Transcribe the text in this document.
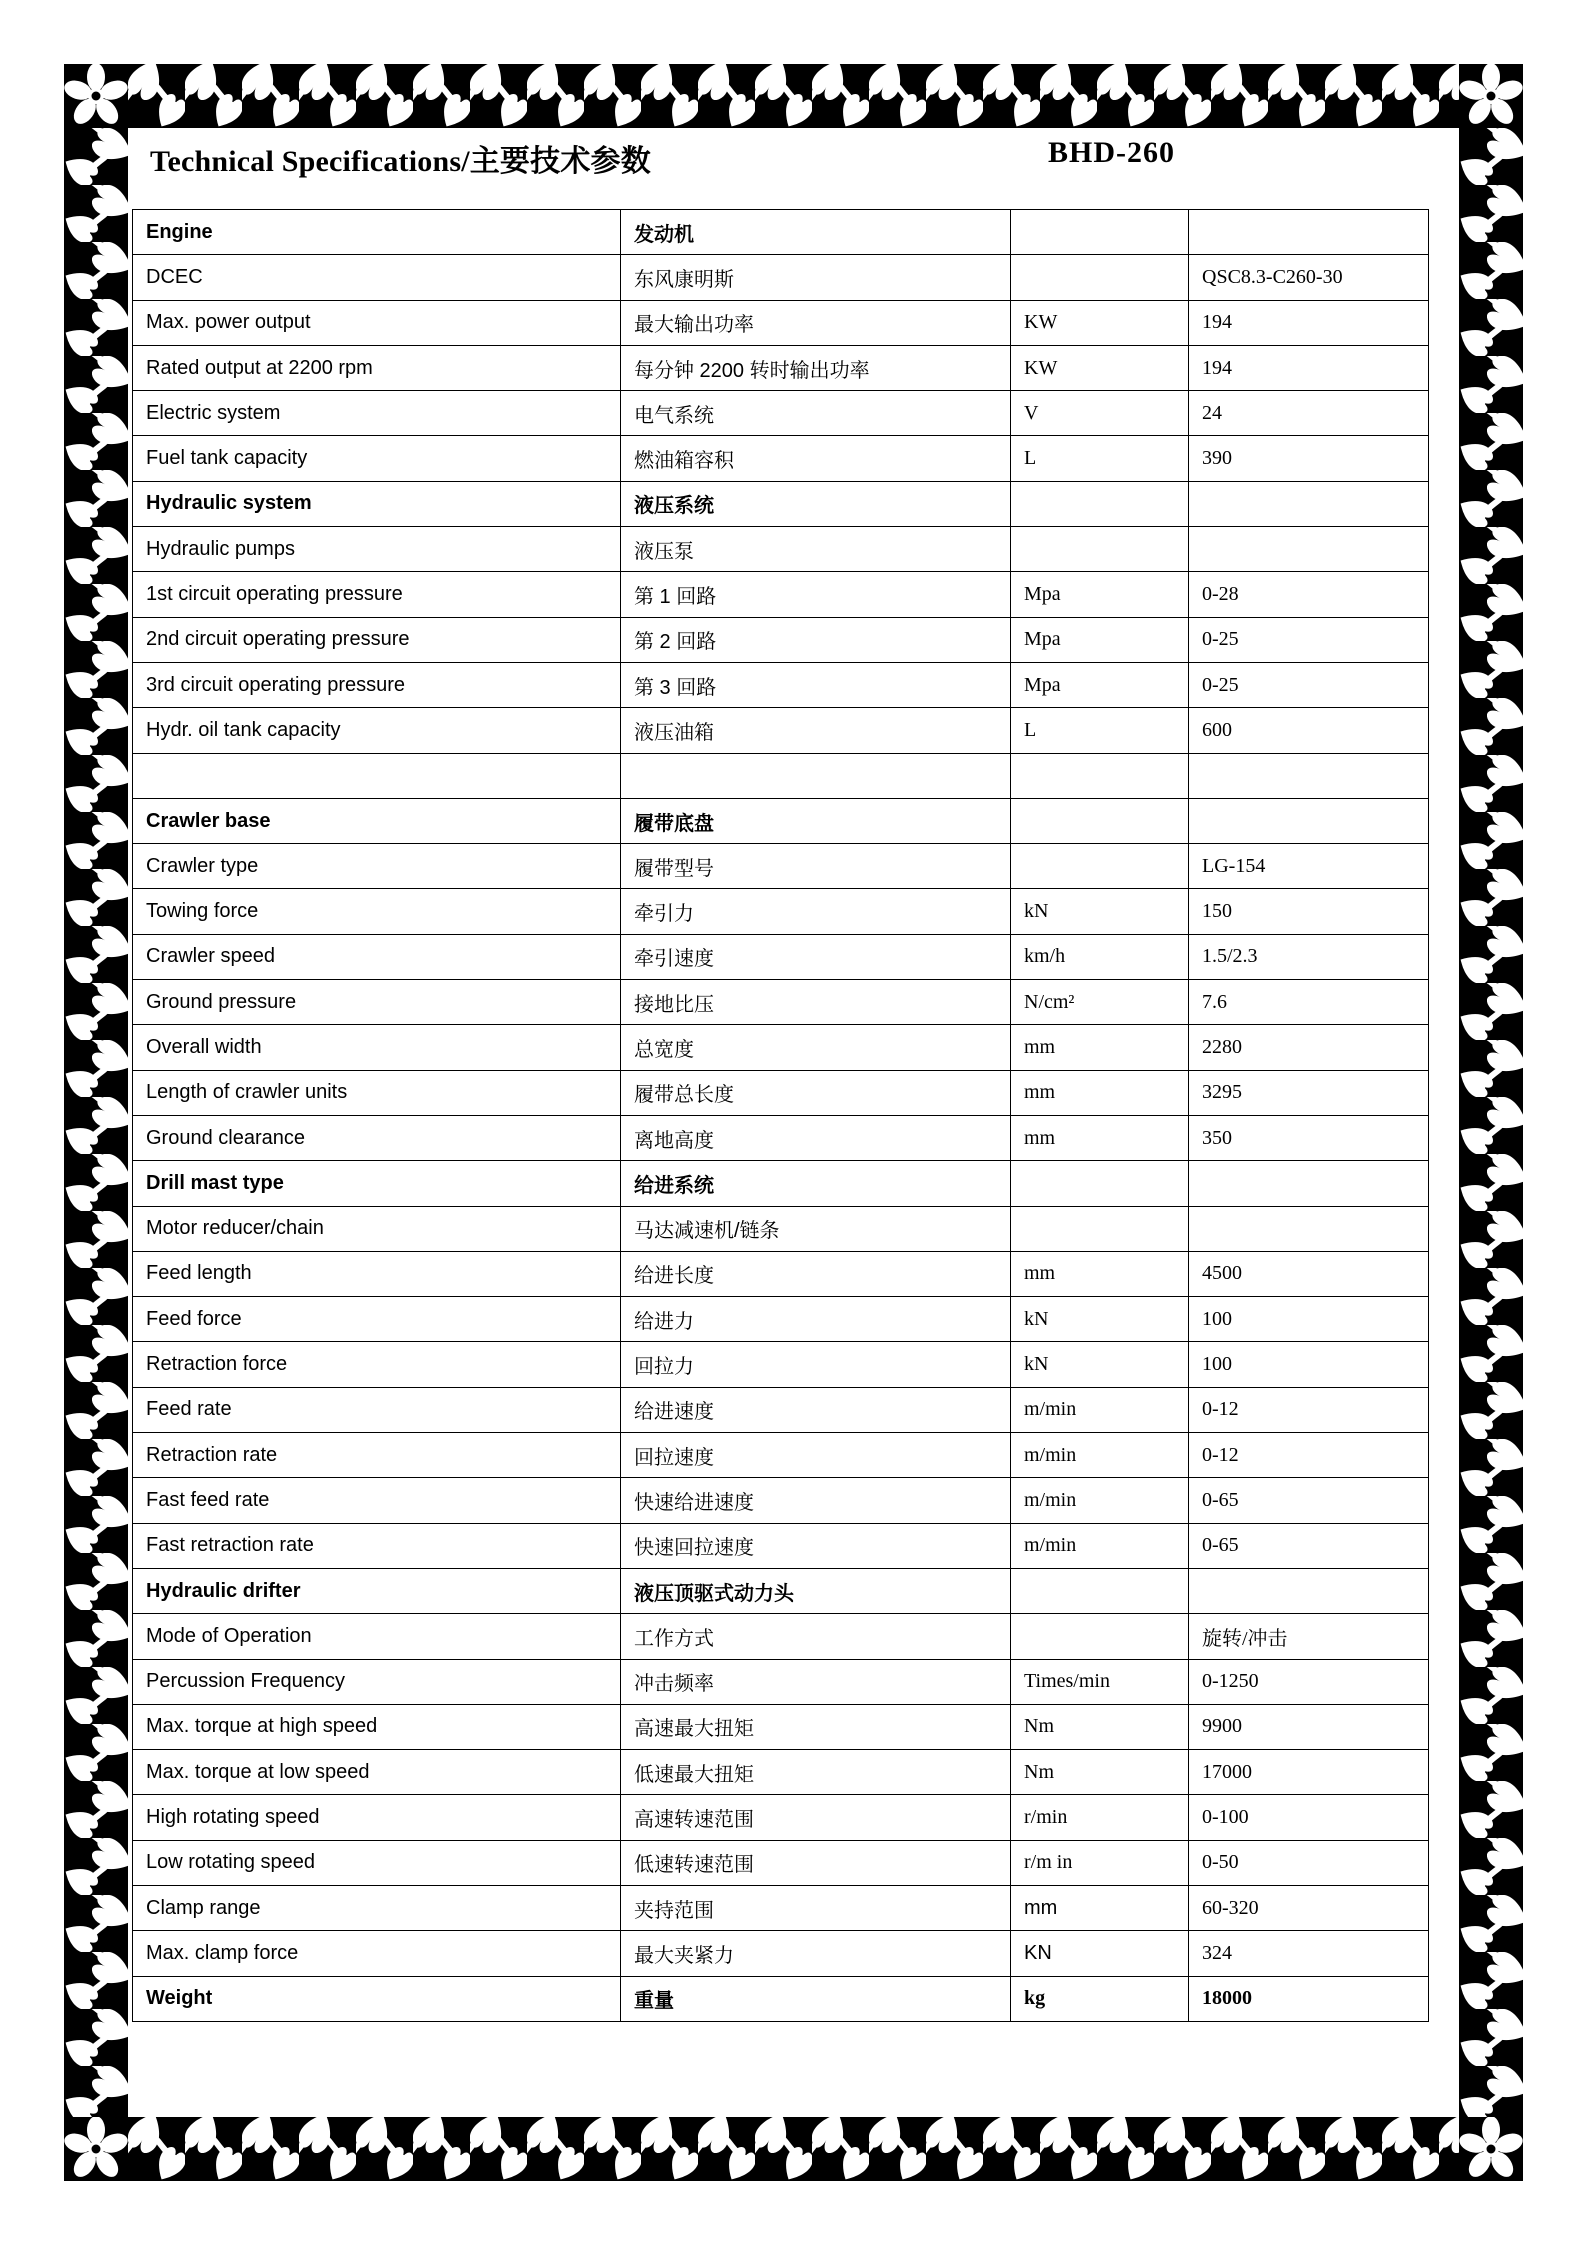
Technical Specifications/主要技术参数	BHD-260
Engine	发动机		
DCEC	东风康明斯		QSC8.3-C260-30
Max. power output	最大输出功率	KW	194
Rated output at 2200 rpm	每分钟 2200 转时输出功率	KW	194
Electric system	电气系统	V	24
Fuel tank capacity	燃油箱容积	L	390
Hydraulic system	液压系统		
Hydraulic pumps	液压泵		
1st circuit operating pressure	第 1 回路	Mpa	0-28
2nd circuit operating pressure	第 2 回路	Mpa	0-25
3rd circuit operating pressure	第 3 回路	Mpa	0-25
Hydr. oil tank capacity	液压油箱	L	600

Crawler base	履带底盘		
Crawler type	履带型号		LG-154
Towing force	牵引力	kN	150
Crawler speed	牵引速度	km/h	1.5/2.3
Ground pressure	接地比压	N/cm²	7.6
Overall width	总宽度	mm	2280
Length of crawler units	履带总长度	mm	3295
Ground clearance	离地高度	mm	350
Drill mast type	给进系统		
Motor reducer/chain	马达减速机/链条		
Feed length	给进长度	mm	4500
Feed force	给进力	kN	100
Retraction force	回拉力	kN	100
Feed rate	给进速度	m/min	0-12
Retraction rate	回拉速度	m/min	0-12
Fast feed rate	快速给进速度	m/min	0-65
Fast retraction rate	快速回拉速度	m/min	0-65
Hydraulic drifter	液压顶驱式动力头		
Mode of Operation	工作方式		旋转/冲击
Percussion Frequency	冲击频率	Times/min	0-1250
Max. torque at high speed	高速最大扭矩	Nm	9900
Max. torque at low speed	低速最大扭矩	Nm	17000
High rotating speed	高速转速范围	r/min	0-100
Low rotating speed	低速转速范围	r/m in	0-50
Clamp range	夹持范围	mm	60-320
Max. clamp force	最大夹紧力	KN	324
Weight	重量	kg	18000
